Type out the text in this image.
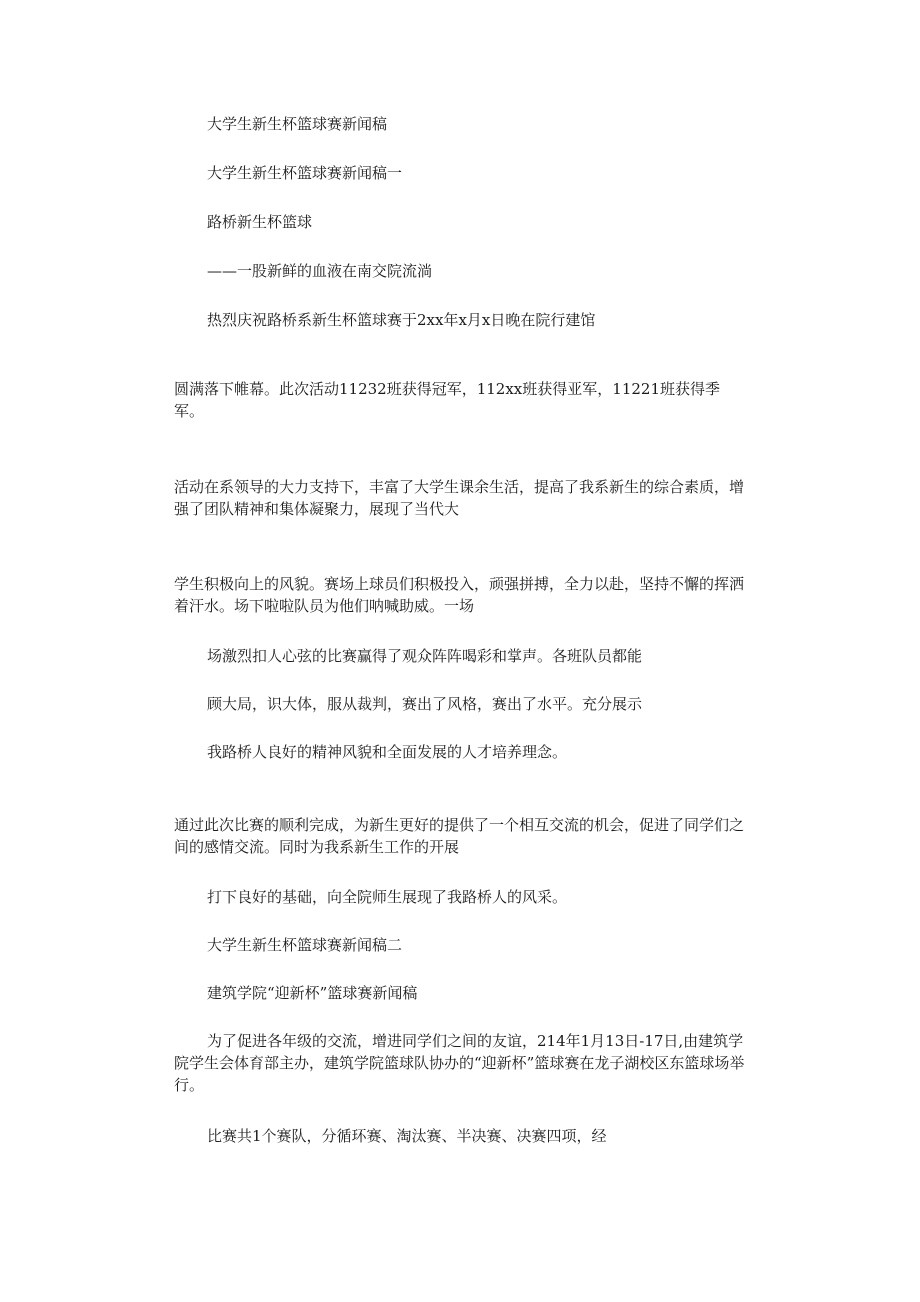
大学生新生杯篮球赛新闻稿
大学生新生杯篮球赛新闻稿一
路桥新生杯篮球
——一股新鲜的血液在南交院流淌
热烈庆祝路桥系新生杯篮球赛于2xx年x月x日晚在院行建馆
圆满落下帷幕。此次活动11232班获得冠军，112xx班获得亚军，11221班获得季军。
活动在系领导的大力支持下，丰富了大学生课余生活，提高了我系新生的综合素质，增强了团队精神和集体凝聚力，展现了当代大
学生积极向上的风貌。赛场上球员们积极投入，顽强拼搏，全力以赴，坚持不懈的挥洒着汗水。场下啦啦队员为他们呐喊助威。一场
场激烈扣人心弦的比赛赢得了观众阵阵喝彩和掌声。各班队员都能
顾大局，识大体，服从裁判，赛出了风格，赛出了水平。充分展示
我路桥人良好的精神风貌和全面发展的人才培养理念。
通过此次比赛的顺利完成，为新生更好的提供了一个相互交流的机会，促进了同学们之间的感情交流。同时为我系新生工作的开展
打下良好的基础，向全院师生展现了我路桥人的风采。
大学生新生杯篮球赛新闻稿二
建筑学院“迎新杯”篮球赛新闻稿
为了促进各年级的交流，增进同学们之间的友谊，214年1月13日-17日,由建筑学院学生会体育部主办，建筑学院篮球队协办的“迎新杯”篮球赛在龙子湖校区东篮球场举行。
比赛共1个赛队，分循环赛、淘汰赛、半决赛、决赛四项，经
